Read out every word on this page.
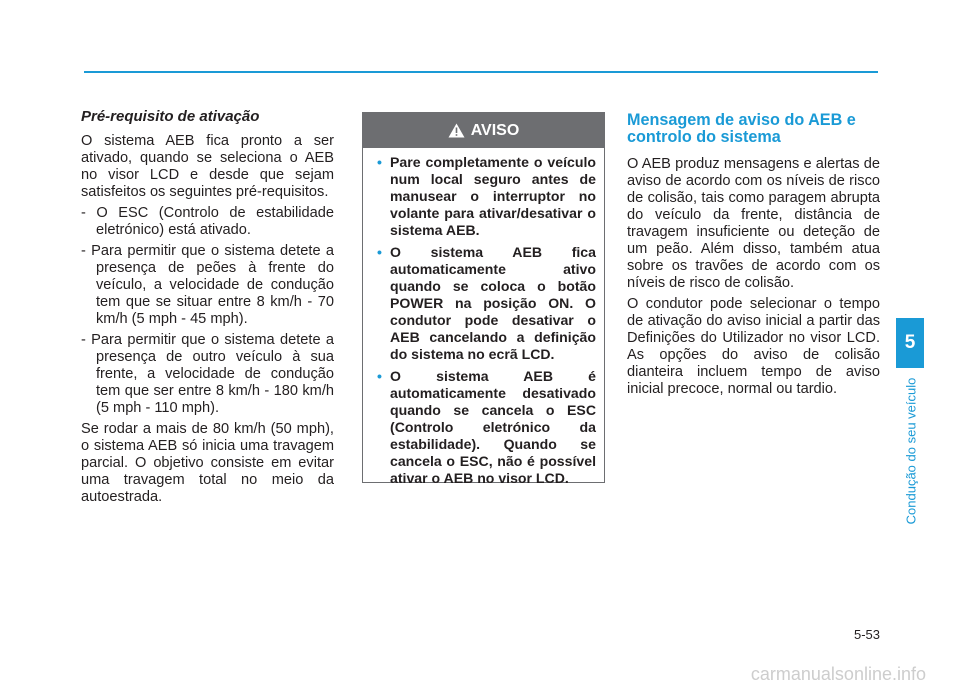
Pré-requisito de ativação
O sistema AEB fica pronto a ser ativado, quando se seleciona o AEB no visor LCD e desde que sejam satisfeitos os seguintes pré-requisitos.
- O ESC (Controlo de estabilidade eletrónico) está ativado.
- Para permitir que o sistema detete a presença de peões à frente do veículo, a velocidade de condução tem que se situar entre 8 km/h - 70 km/h (5 mph - 45 mph).
- Para permitir que o sistema detete a presença de outro veículo à sua frente, a velocidade de condução tem que ser entre 8 km/h - 180 km/h (5 mph - 110 mph).
Se rodar a mais de 80 km/h (50 mph), o sistema AEB só inicia uma travagem parcial. O objetivo consiste em evitar uma travagem total no meio da autoestrada.
AVISO
• Pare completamente o veículo num local seguro antes de manusear o interruptor no volante para ativar/desativar o sistema AEB.
• O sistema AEB fica automaticamente ativo quando se coloca o botão POWER na posição ON. O condutor pode desativar o AEB cancelando a definição do sistema no ecrã LCD.
• O sistema AEB é automaticamente desativado quando se cancela o ESC (Controlo eletrónico da estabilidade). Quando se cancela o ESC, não é possível ativar o AEB no visor LCD.
Mensagem de aviso do AEB e controlo do sistema
O AEB produz mensagens e alertas de aviso de acordo com os níveis de risco de colisão, tais como paragem abrupta do veículo da frente, distância de travagem insuficiente ou deteção de um peão. Além disso, também atua sobre os travões de acordo com os níveis de risco de colisão.
O condutor pode selecionar o tempo de ativação do aviso inicial a partir das Definições do Utilizador no visor LCD. As opções do aviso de colisão dianteira incluem tempo de aviso inicial precoce, normal ou tardio.
5
Condução do seu veículo
5-53
carmanualsonline.info
